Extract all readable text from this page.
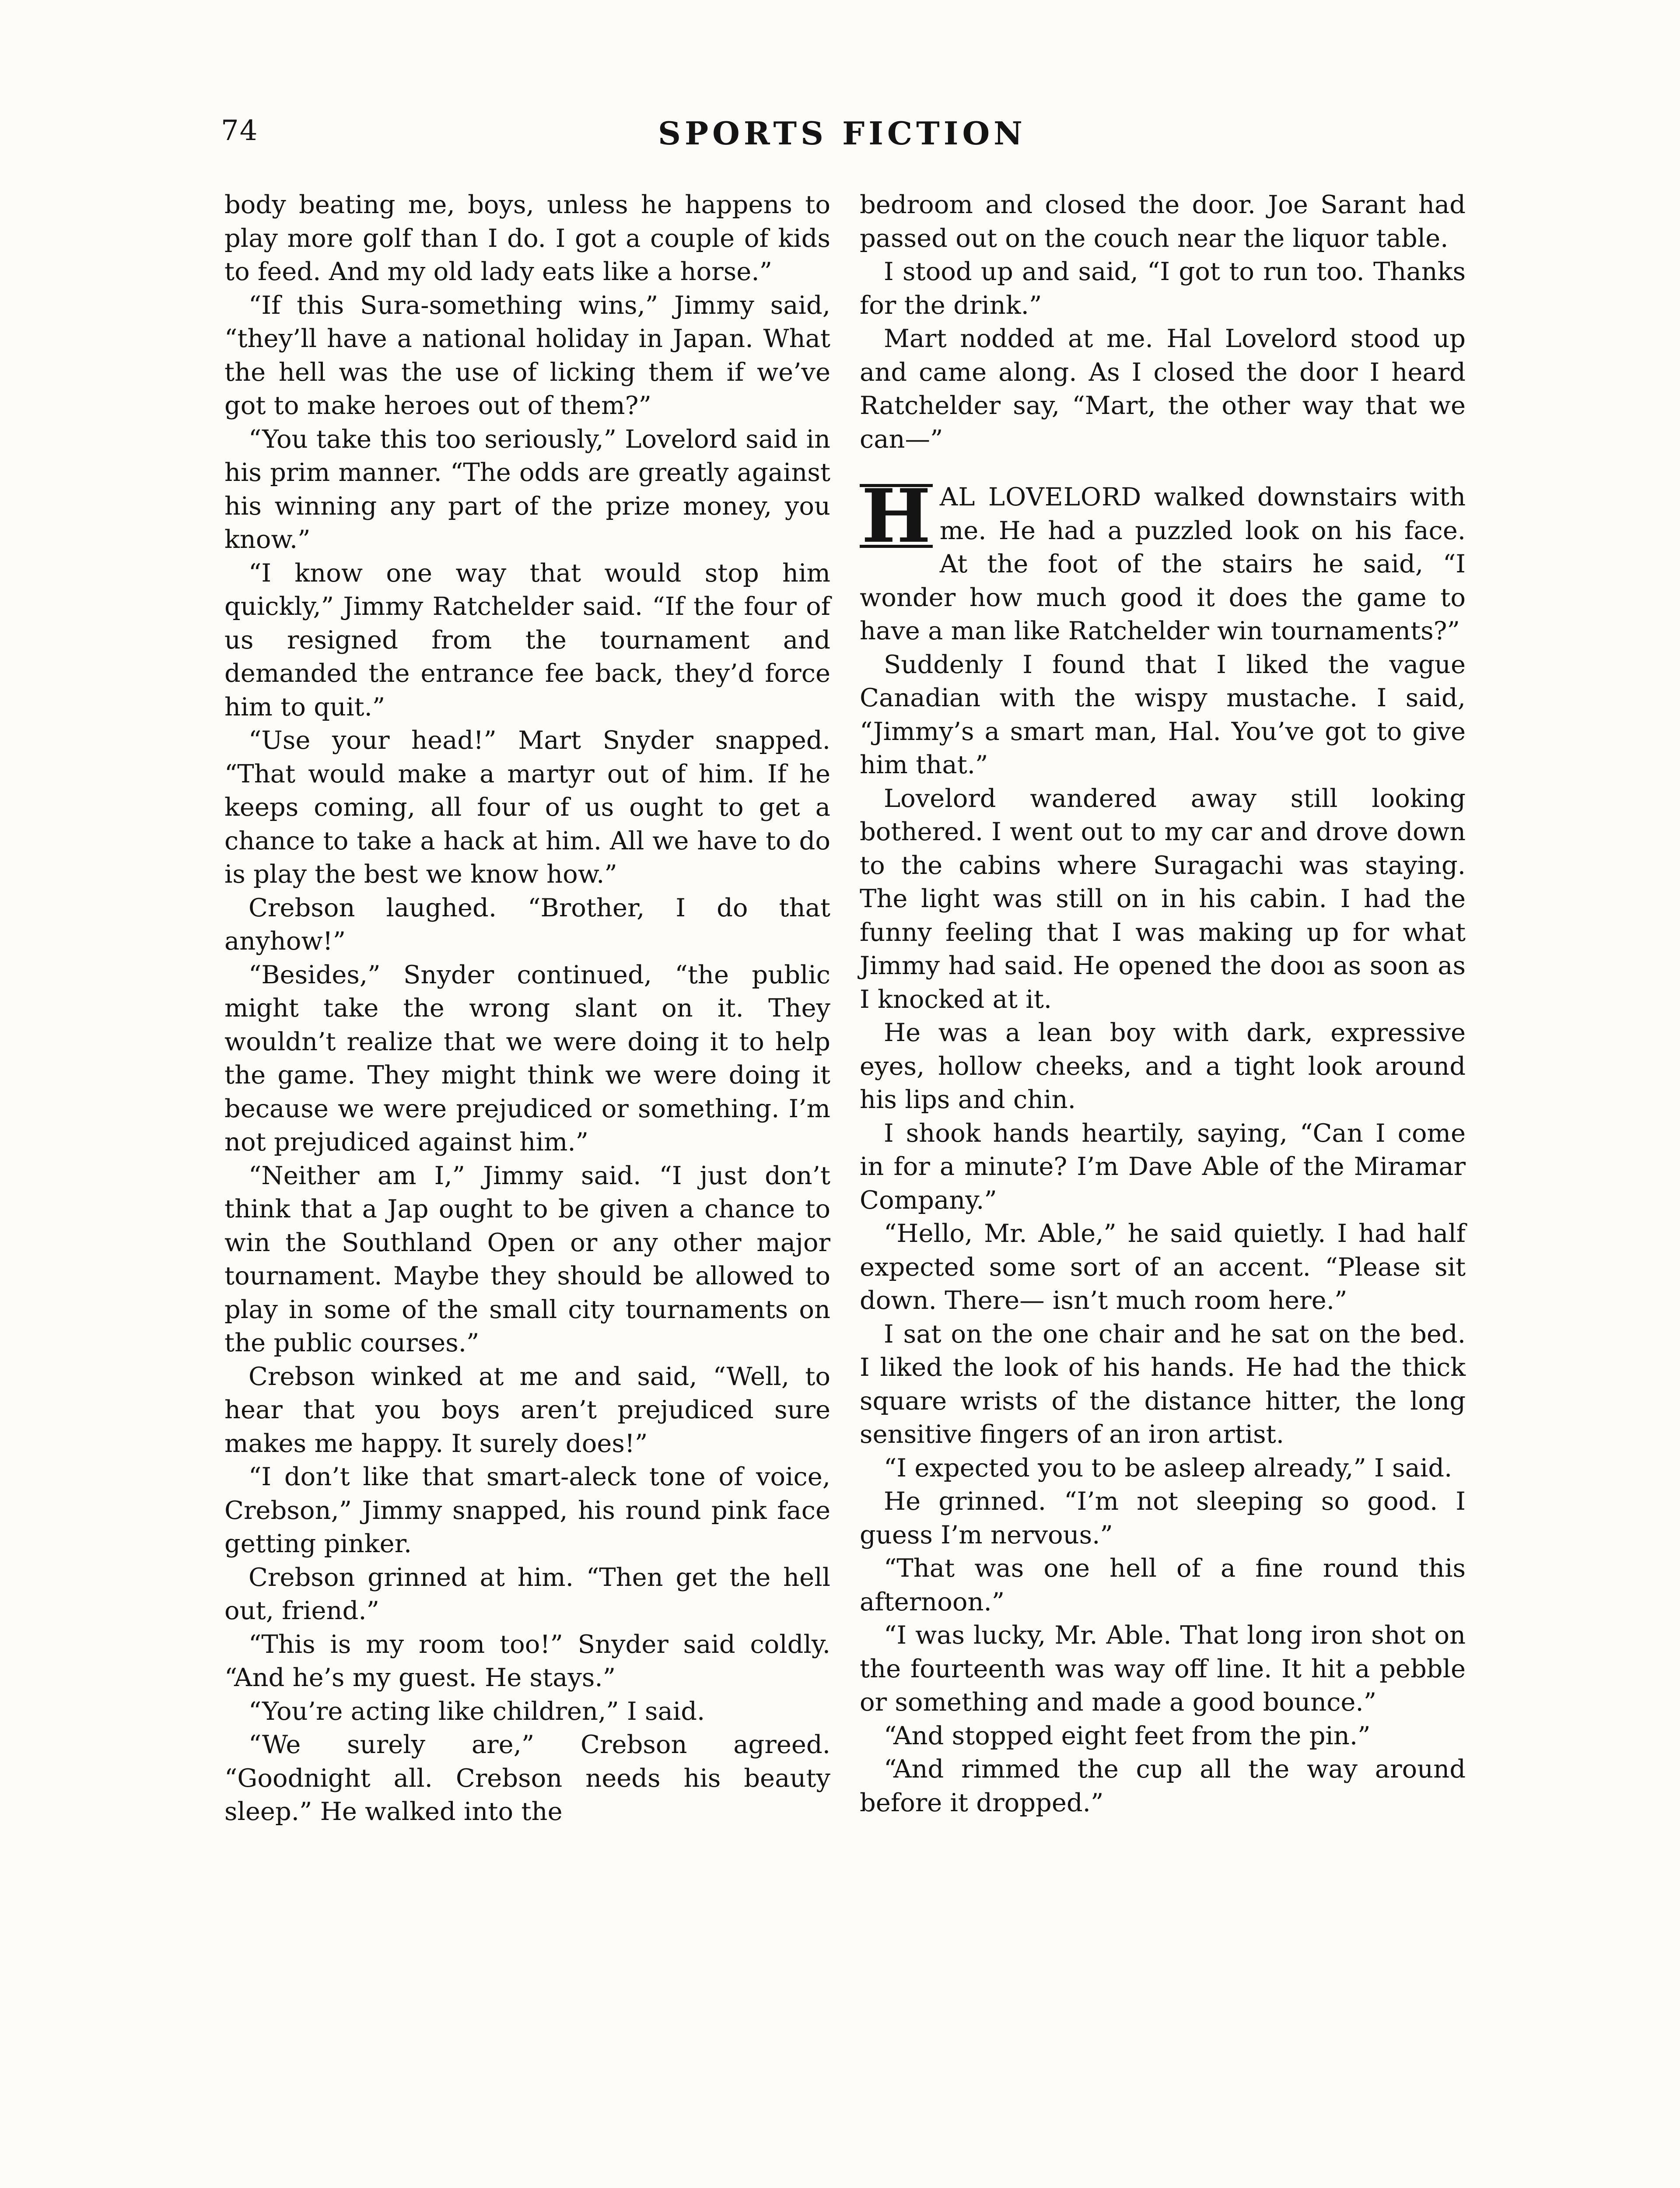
74	SPORTS FICTION

body beating me, boys, unless he happens to play more golf than I do. I got a couple of kids to feed. And my old lady eats like a horse.”

“If this Sura-something wins,” Jimmy said, “they’ll have a national holiday in Japan. What the hell was the use of licking them if we’ve got to make heroes out of them?”

“You take this too seriously,” Lovelord said in his prim manner. “The odds are greatly against his winning any part of the prize money, you know.”

“I know one way that would stop him quickly,” Jimmy Ratchelder said. “If the four of us resigned from the tournament and demanded the entrance fee back, they’d force him to quit.”

“Use your head!” Mart Snyder snapped. “That would make a martyr out of him. If he keeps coming, all four of us ought to get a chance to take a hack at him. All we have to do is play the best we know how.”

Crebson laughed. “Brother, I do that anyhow!”

“Besides,” Snyder continued, “the public might take the wrong slant on it. They wouldn’t realize that we were doing it to help the game. They might think we were doing it because we were prejudiced or something. I’m not prejudiced against him.”

“Neither am I,” Jimmy said. “I just don’t think that a Jap ought to be given a chance to win the Southland Open or any other major tournament. Maybe they should be allowed to play in some of the small city tournaments on the public courses.”

Crebson winked at me and said, “Well, to hear that you boys aren’t prejudiced sure makes me happy. It surely does!”

“I don’t like that smart-aleck tone of voice, Crebson,” Jimmy snapped, his round pink face getting pinker.

Crebson grinned at him. “Then get the hell out, friend.”

“This is my room too!” Snyder said coldly. “And he’s my guest. He stays.”

“You’re acting like children,” I said.

“We surely are,” Crebson agreed. “Goodnight all. Crebson needs his beauty sleep.” He walked into the

bedroom and closed the door. Joe Sarant had passed out on the couch near the liquor table.

I stood up and said, “I got to run too. Thanks for the drink.”

Mart nodded at me. Hal Lovelord stood up and came along. As I closed the door I heard Ratchelder say, “Mart, the other way that we can—”

H AL LOVELORD walked downstairs with me. He had a puzzled look on his face. At the foot of the stairs he said, “I wonder how much good it does the game to have a man like Ratchelder win tournaments?”

Suddenly I found that I liked the vague Canadian with the wispy mustache. I said, “Jimmy’s a smart man, Hal. You’ve got to give him that.”

Lovelord wandered away still looking bothered. I went out to my car and drove down to the cabins where Suragachi was staying. The light was still on in his cabin. I had the funny feeling that I was making up for what Jimmy had said. He opened the dooı as soon as I knocked at it.

He was a lean boy with dark, expressive eyes, hollow cheeks, and a tight look around his lips and chin.

I shook hands heartily, saying, “Can I come in for a minute? I’m Dave Able of the Miramar Company.”

“Hello, Mr. Able,” he said quietly. I had half expected some sort of an accent. “Please sit down. There— isn’t much room here.”

I sat on the one chair and he sat on the bed. I liked the look of his hands. He had the thick square wrists of the distance hitter, the long sensitive fingers of an iron artist.

“I expected you to be asleep already,” I said.

He grinned. “I’m not sleeping so good. I guess I’m nervous.”

“That was one hell of a fine round this afternoon.”

“I was lucky, Mr. Able. That long iron shot on the fourteenth was way off line. It hit a pebble or something and made a good bounce.”

“And stopped eight feet from the pin.”

“And rimmed the cup all the way around before it dropped.”
